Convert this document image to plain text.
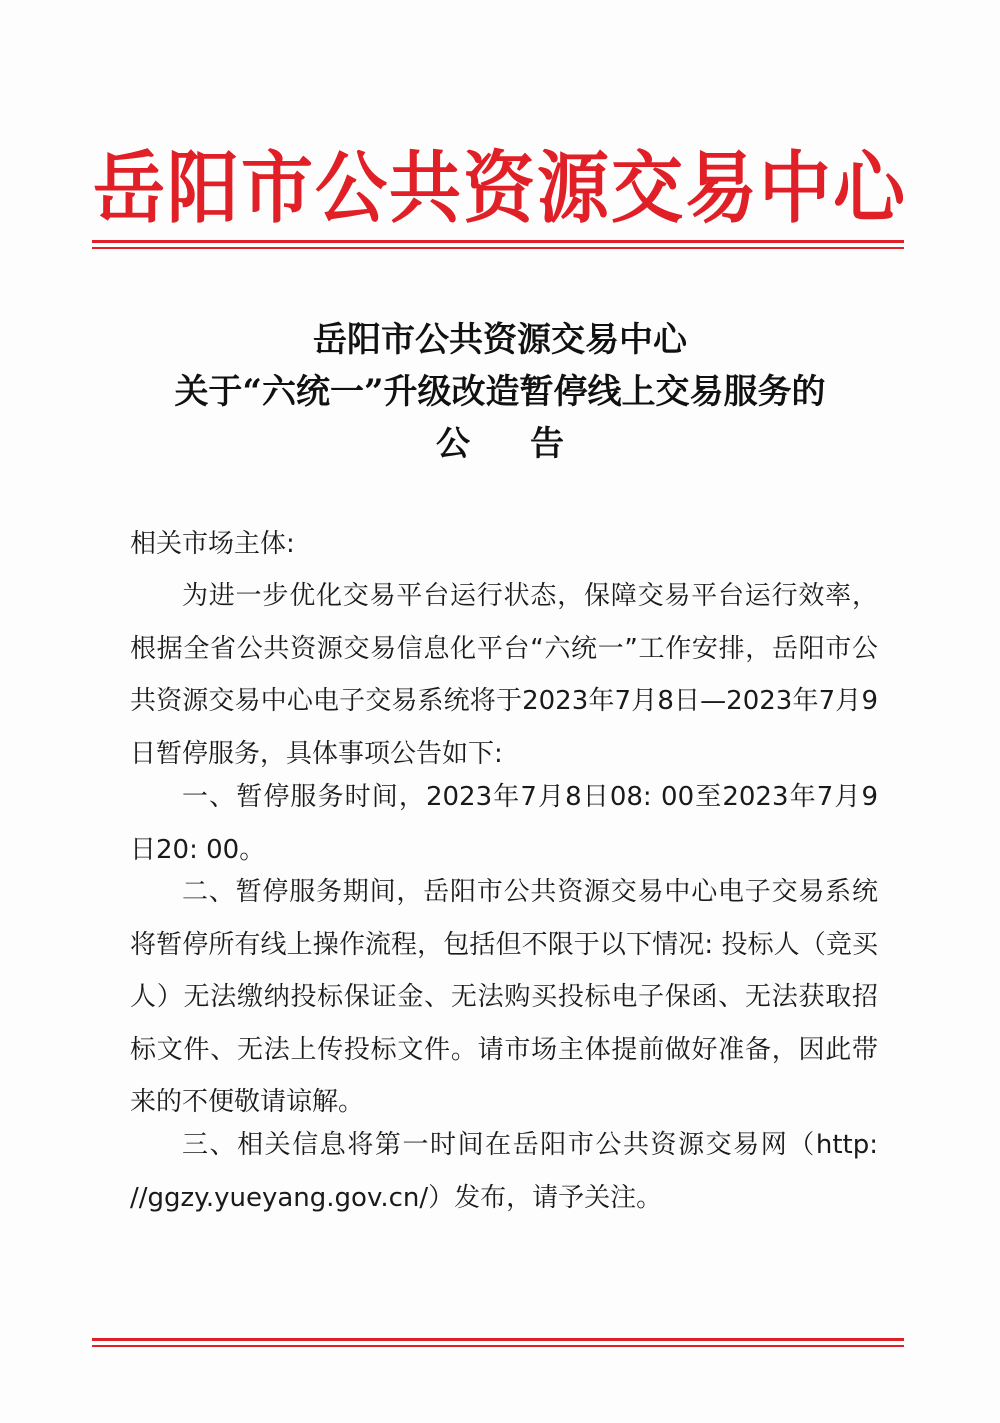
岳阳市公共资源交易中心
岳阳市公共资源交易中心
关于“六统一”升级改造暂停线上交易服务的
公告
相关市场主体:
为进一步优化交易平台运行状态，保障交易平台运行效率，根据全省公共资源交易信息化平台“六统一”工作安排，岳阳市公共资源交易中心电子交易系统将于2023年7月8日—2023年7月9日暂停服务，具体事项公告如下:
一、暂停服务时间，2023年7月8日08: 00至2023年7月9日20: 00。
二、暂停服务期间，岳阳市公共资源交易中心电子交易系统将暂停所有线上操作流程，包括但不限于以下情况: 投标人（竞买人）无法缴纳投标保证金、无法购买投标电子保函、无法获取招标文件、无法上传投标文件。请市场主体提前做好准备，因此带来的不便敬请谅解。
三、相关信息将第一时间在岳阳市公共资源交易网（http: //ggzy.yueyang.gov.cn/）发布，请予关注。
